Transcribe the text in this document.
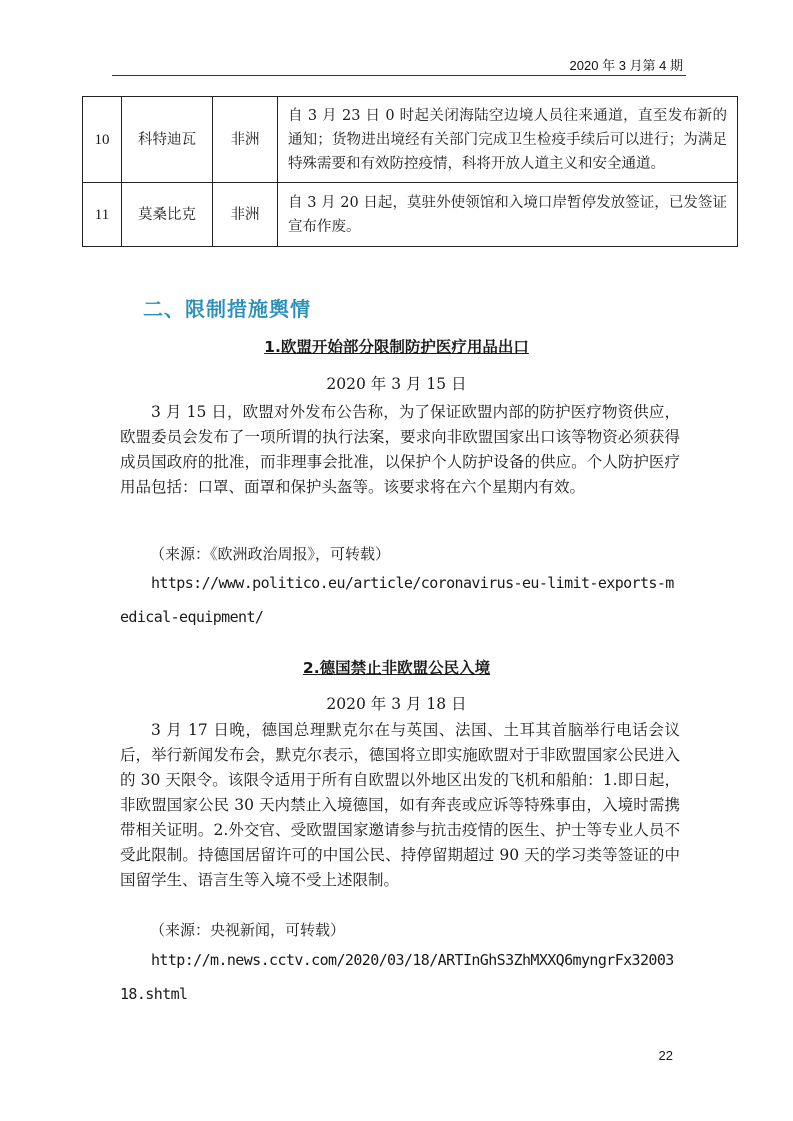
2020 年 3 月第 4 期
10	科特迪瓦	非洲	自 3 月 23 日 0 时起关闭海陆空边境人员往来通道，直至发布新的通知；货物进出境经有关部门完成卫生检疫手续后可以进行；为满足特殊需要和有效防控疫情，科将开放人道主义和安全通道。
11	莫桑比克	非洲	自 3 月 20 日起，莫驻外使领馆和入境口岸暂停发放签证，已发签证宣布作废。
二、限制措施舆情
1.欧盟开始部分限制防护医疗用品出口
2020 年 3 月 15 日

3 月 15 日，欧盟对外发布公告称，为了保证欧盟内部的防护医疗物资供应，欧盟委员会发布了一项所谓的执行法案，要求向非欧盟国家出口该等物资必须获得成员国政府的批准，而非理事会批准，以保护个人防护设备的供应。个人防护医疗用品包括：口罩、面罩和保护头盔等。该要求将在六个星期内有效。

（来源：《欧洲政治周报》，可转载）
https://www.politico.eu/article/coronavirus-eu-limit-exports-medical-equipment/
2.德国禁止非欧盟公民入境
2020 年 3 月 18 日

3 月 17 日晚，德国总理默克尔在与英国、法国、土耳其首脑举行电话会议后，举行新闻发布会，默克尔表示，德国将立即实施欧盟对于非欧盟国家公民进入的 30 天限令。该限令适用于所有自欧盟以外地区出发的飞机和船舶：1.即日起，非欧盟国家公民 30 天内禁止入境德国，如有奔丧或应诉等特殊事由，入境时需携带相关证明。2.外交官、受欧盟国家邀请参与抗击疫情的医生、护士等专业人员不受此限制。持德国居留许可的中国公民、持停留期超过 90 天的学习类等签证的中国留学生、语言生等入境不受上述限制。

（来源：央视新闻，可转载）
http://m.news.cctv.com/2020/03/18/ARTInGhS3ZhMXXQ6myngrFx3200318.shtml
22
